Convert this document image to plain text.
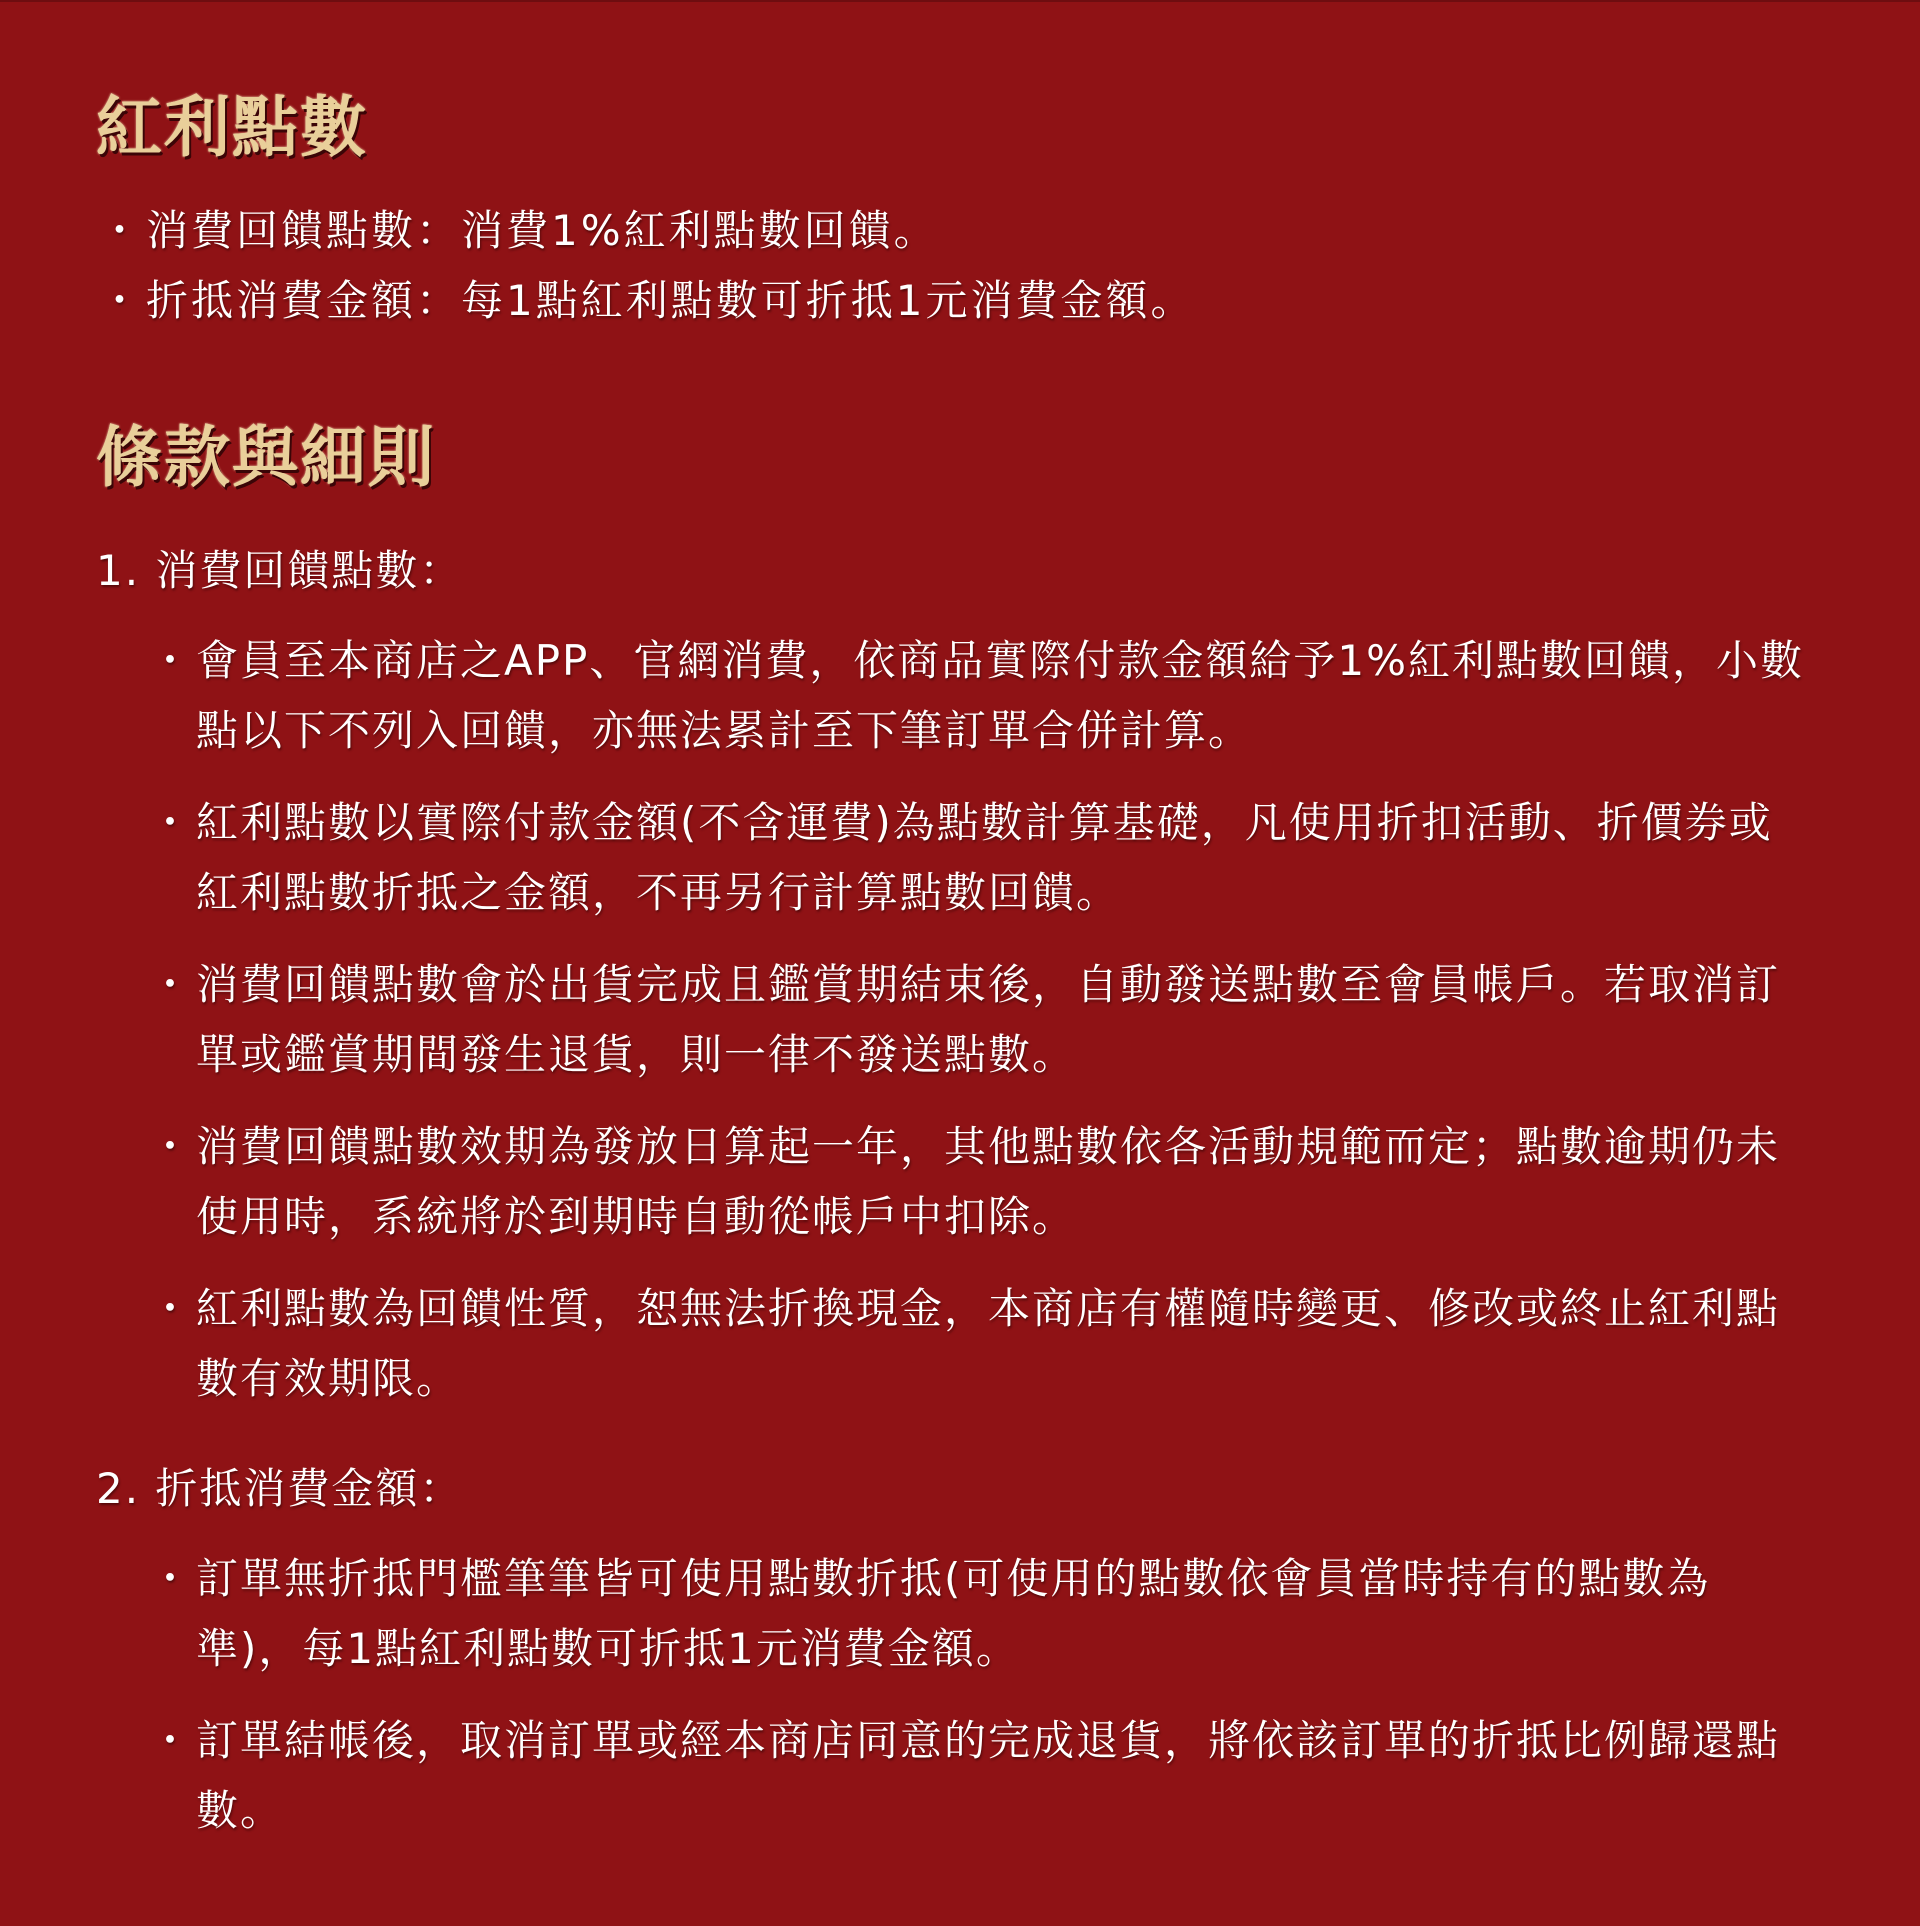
紅利點數
・ 消費回饋點數：消費1%紅利點數回饋。
・ 折抵消費金額：每1點紅利點數可折抵1元消費金額。
條款與細則
1. 消費回饋點數：
・ 會員至本商店之APP、官網消費，依商品實際付款金額給予1%紅利點數回饋，小數點以下不列入回饋，亦無法累計至下筆訂單合併計算。
・ 紅利點數以實際付款金額(不含運費)為點數計算基礎，凡使用折扣活動、折價券或紅利點數折抵之金額，不再另行計算點數回饋。
・ 消費回饋點數會於出貨完成且鑑賞期結束後，自動發送點數至會員帳戶。若取消訂單或鑑賞期間發生退貨，則一律不發送點數。
・ 消費回饋點數效期為發放日算起一年，其他點數依各活動規範而定；點數逾期仍未使用時，系統將於到期時自動從帳戶中扣除。
・ 紅利點數為回饋性質，恕無法折換現金，本商店有權隨時變更、修改或終止紅利點數有效期限。
2. 折抵消費金額：
・ 訂單無折抵門檻筆筆皆可使用點數折抵(可使用的點數依會員當時持有的點數為準)，每1點紅利點數可折抵1元消費金額。
・ 訂單結帳後，取消訂單或經本商店同意的完成退貨，將依該訂單的折抵比例歸還點數。
